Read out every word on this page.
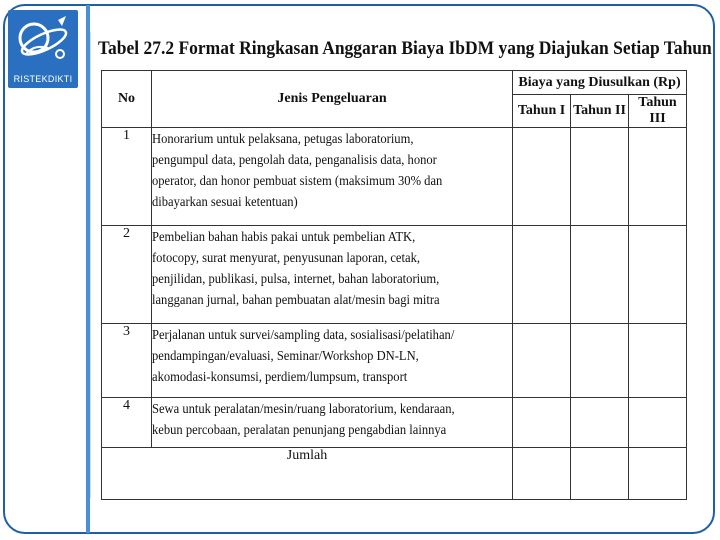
RISTEKDIKTI
Tabel 27.2 Format Ringkasan Anggaran Biaya IbDM yang Diajukan Setiap Tahun
No	Jenis Pengeluaran	Biaya yang Diusulkan (Rp)		
		Tahun I	Tahun II	Tahun III
1	Honorarium untuk pelaksana, petugas laboratorium,
pengumpul data, pengolah data, penganalisis data, honor
operator, dan honor pembuat sistem (maksimum 30% dan
dibayarkan sesuai ketentuan)			

2	Pembelian bahan habis pakai untuk pembelian ATK,
fotocopy, surat menyurat, penyusunan laporan, cetak,
penjilidan, publikasi, pulsa, internet, bahan laboratorium,
langganan jurnal, bahan pembuatan alat/mesin bagi mitra			

3	Perjalanan untuk survei/sampling data, sosialisasi/pelatihan/
pendampingan/evaluasi, Seminar/Workshop DN-LN,
akomodasi-konsumsi, perdiem/lumpsum, transport			

4	Sewa untuk peralatan/mesin/ruang laboratorium, kendaraan,
kebun percobaan, peralatan penunjang pengabdian lainnya			

Jumlah				
